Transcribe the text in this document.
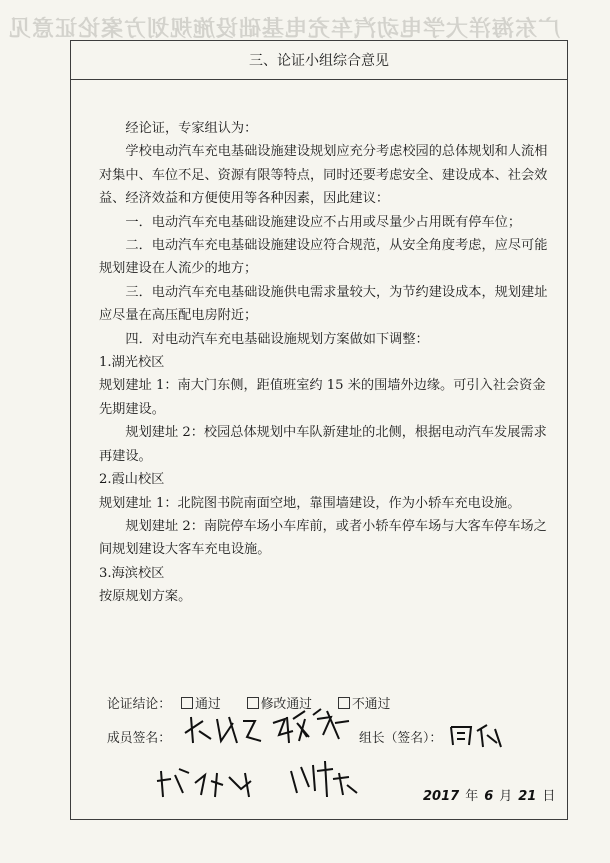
广东海洋大学电动汽车充电基础设施规划方案论证意见
三、论证小组综合意见

经论证，专家组认为：

学校电动汽车充电基础设施建设规划应充分考虑校园的总体规划和人流相对集中、车位不足、资源有限等特点，同时还要考虑安全、建设成本、社会效益、经济效益和方便使用等各种因素，因此建议：

一．电动汽车充电基础设施建设应不占用或尽量少占用既有停车位；

二．电动汽车充电基础设施建设应符合规范，从安全角度考虑，应尽可能规划建设在人流少的地方；

三．电动汽车充电基础设施供电需求量较大，为节约建设成本，规划建址应尽量在高压配电房附近；

四．对电动汽车充电基础设施规划方案做如下调整：

1.湖光校区

规划建址 1：南大门东侧，距值班室约 15 米的围墙外边缘。可引入社会资金先期建设。

规划建址 2：校园总体规划中车队新建址的北侧，根据电动汽车发展需求再建设。

2.霞山校区

规划建址 1：北院图书院南面空地，靠围墙建设，作为小轿车充电设施。

规划建址 2：南院停车场小车库前，或者小轿车停车场与大客车停车场之间规划建设大客车充电设施。

3.海滨校区

按原规划方案。

论证结论： 通过	修改通过	不通过
成员签名：	组长（签名）：
2017 年 6 月 21 日
